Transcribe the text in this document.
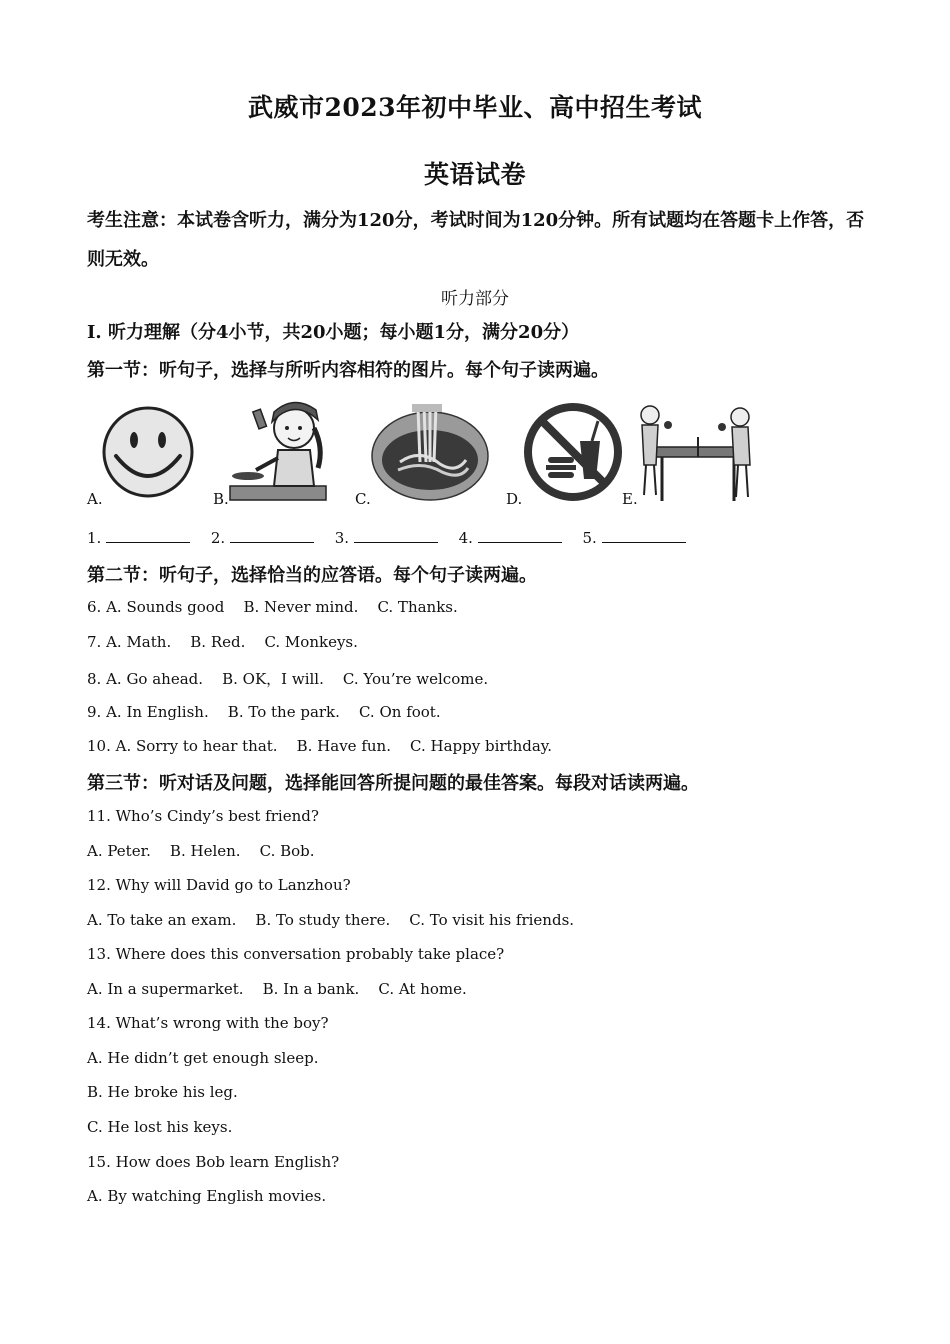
武威市2023年初中毕业、高中招生考试
英语试卷
考生注意：本试卷含听力，满分为120分，考试时间为120分钟。所有试题均在答题卡上作答，否则无效。
听力部分
Ⅰ. 听力理解（分4小节，共20小题；每小题1分，满分20分）
第一节：听句子，选择与所听内容相符的图片。每个句子读两遍。
A.	B.	C.	D.	E.
1.	2.	3.	4.	5.
第二节：听句子，选择恰当的应答语。每个句子读两遍。
6. A. Sounds good    B. Never mind.    C. Thanks.
7. A. Math.    B. Red.    C. Monkeys.
8. A. Go ahead.    B. OK，I will.    C. You’re welcome.
9. A. In English.    B. To the park.    C. On foot.
10. A. Sorry to hear that.    B. Have fun.    C. Happy birthday.
第三节：听对话及问题，选择能回答所提问题的最佳答案。每段对话读两遍。
11. Who’s Cindy’s best friend?
A. Peter.    B. Helen.    C. Bob.
12. Why will David go to Lanzhou?
A. To take an exam.    B. To study there.    C. To visit his friends.
13. Where does this conversation probably take place?
A. In a supermarket.    B. In a bank.    C. At home.
14. What’s wrong with the boy?
A. He didn’t get enough sleep.
B. He broke his leg.
C. He lost his keys.
15. How does Bob learn English?
A. By watching English movies.
